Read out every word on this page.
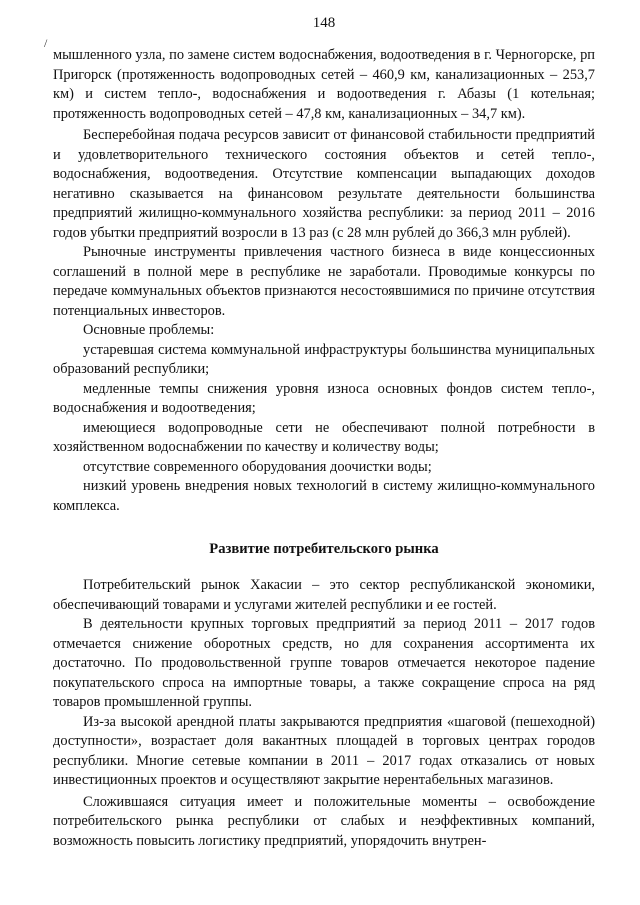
148
/

мышленного узла, по замене систем водоснабжения, водоотведения в г. Черногорске, рп Пригорск (протяженность водопроводных сетей – 460,9 км, канализационных – 253,7 км) и систем тепло-, водоснабжения и водоотведения г. Абазы (1 котельная; протяженность водопроводных сетей – 47,8 км, канализационных – 34,7 км).

Бесперебойная подача ресурсов зависит от финансовой стабильности предприятий и удовлетворительного технического состояния объектов и сетей тепло-, водоснабжения, водоотведения. Отсутствие компенсации выпадающих доходов негативно сказывается на финансовом результате деятельности большинства предприятий жилищно-коммунального хозяйства республики: за период 2011 – 2016 годов убытки предприятий возросли в 13 раз (с 28 млн рублей до 366,3 млн рублей).

Рыночные инструменты привлечения частного бизнеса в виде концессионных соглашений в полной мере в республике не заработали. Проводимые конкурсы по передаче коммунальных объектов признаются несостоявшимися по причине отсутствия потенциальных инвесторов.

Основные проблемы:

устаревшая система коммунальной инфраструктуры большинства муниципальных образований республики;

медленные темпы снижения уровня износа основных фондов систем тепло-, водоснабжения и водоотведения;

имеющиеся водопроводные сети не обеспечивают полной потребности в хозяйственном водоснабжении по качеству и количеству воды;

отсутствие современного оборудования доочистки воды;

низкий уровень внедрения новых технологий в систему жилищно-коммунального комплекса.

Развитие потребительского рынка

Потребительский рынок Хакасии – это сектор республиканской экономики, обеспечивающий товарами и услугами жителей республики и ее гостей.

В деятельности крупных торговых предприятий за период 2011 – 2017 годов отмечается снижение оборотных средств, но для сохранения ассортимента их достаточно. По продовольственной группе товаров отмечается некоторое падение покупательского спроса на импортные товары, а также сокращение спроса на ряд товаров промышленной группы.

Из-за высокой арендной платы закрываются предприятия «шаговой (пешеходной) доступности», возрастает доля вакантных площадей в торговых центрах городов республики. Многие сетевые компании в 2011 – 2017 годах отказались от новых инвестиционных проектов и осуществляют закрытие нерентабельных магазинов.

Сложившаяся ситуация имеет и положительные моменты – освобождение потребительского рынка республики от слабых и неэффективных компаний, возможность повысить логистику предприятий, упорядочить внутрен-
